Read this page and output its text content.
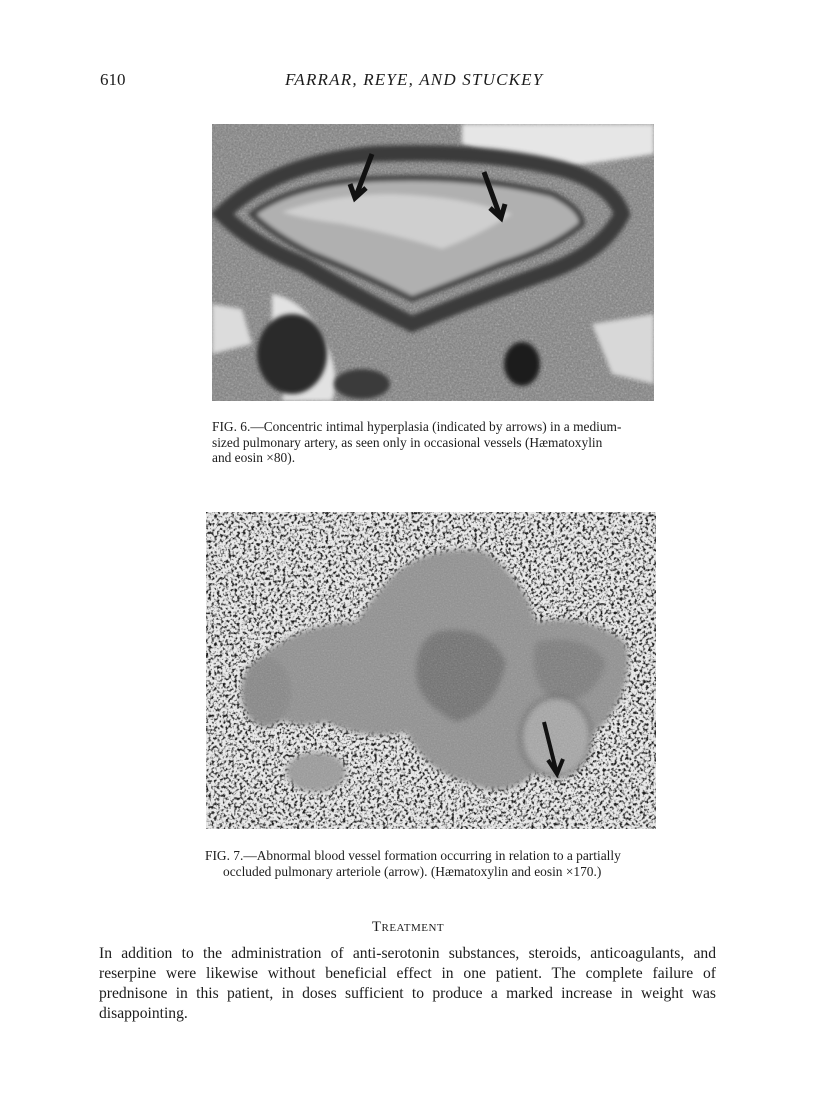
610	FARRAR, REYE, AND STUCKEY
FIG. 6.—Concentric intimal hyperplasia (indicated by arrows) in a medium-
sized pulmonary artery, as seen only in occasional vessels (Hæmatoxylin
and eosin ×80).
FIG. 7.—Abnormal blood vessel formation occurring in relation to a partially
occluded pulmonary arteriole (arrow). (Hæmatoxylin and eosin ×170.)
Treatment
In addition to the administration of anti-serotonin substances, steroids, anticoagulants, and reserpine were likewise without beneficial effect in one patient. The complete failure of prednisone in this patient, in doses sufficient to produce a marked increase in weight was disappointing.
